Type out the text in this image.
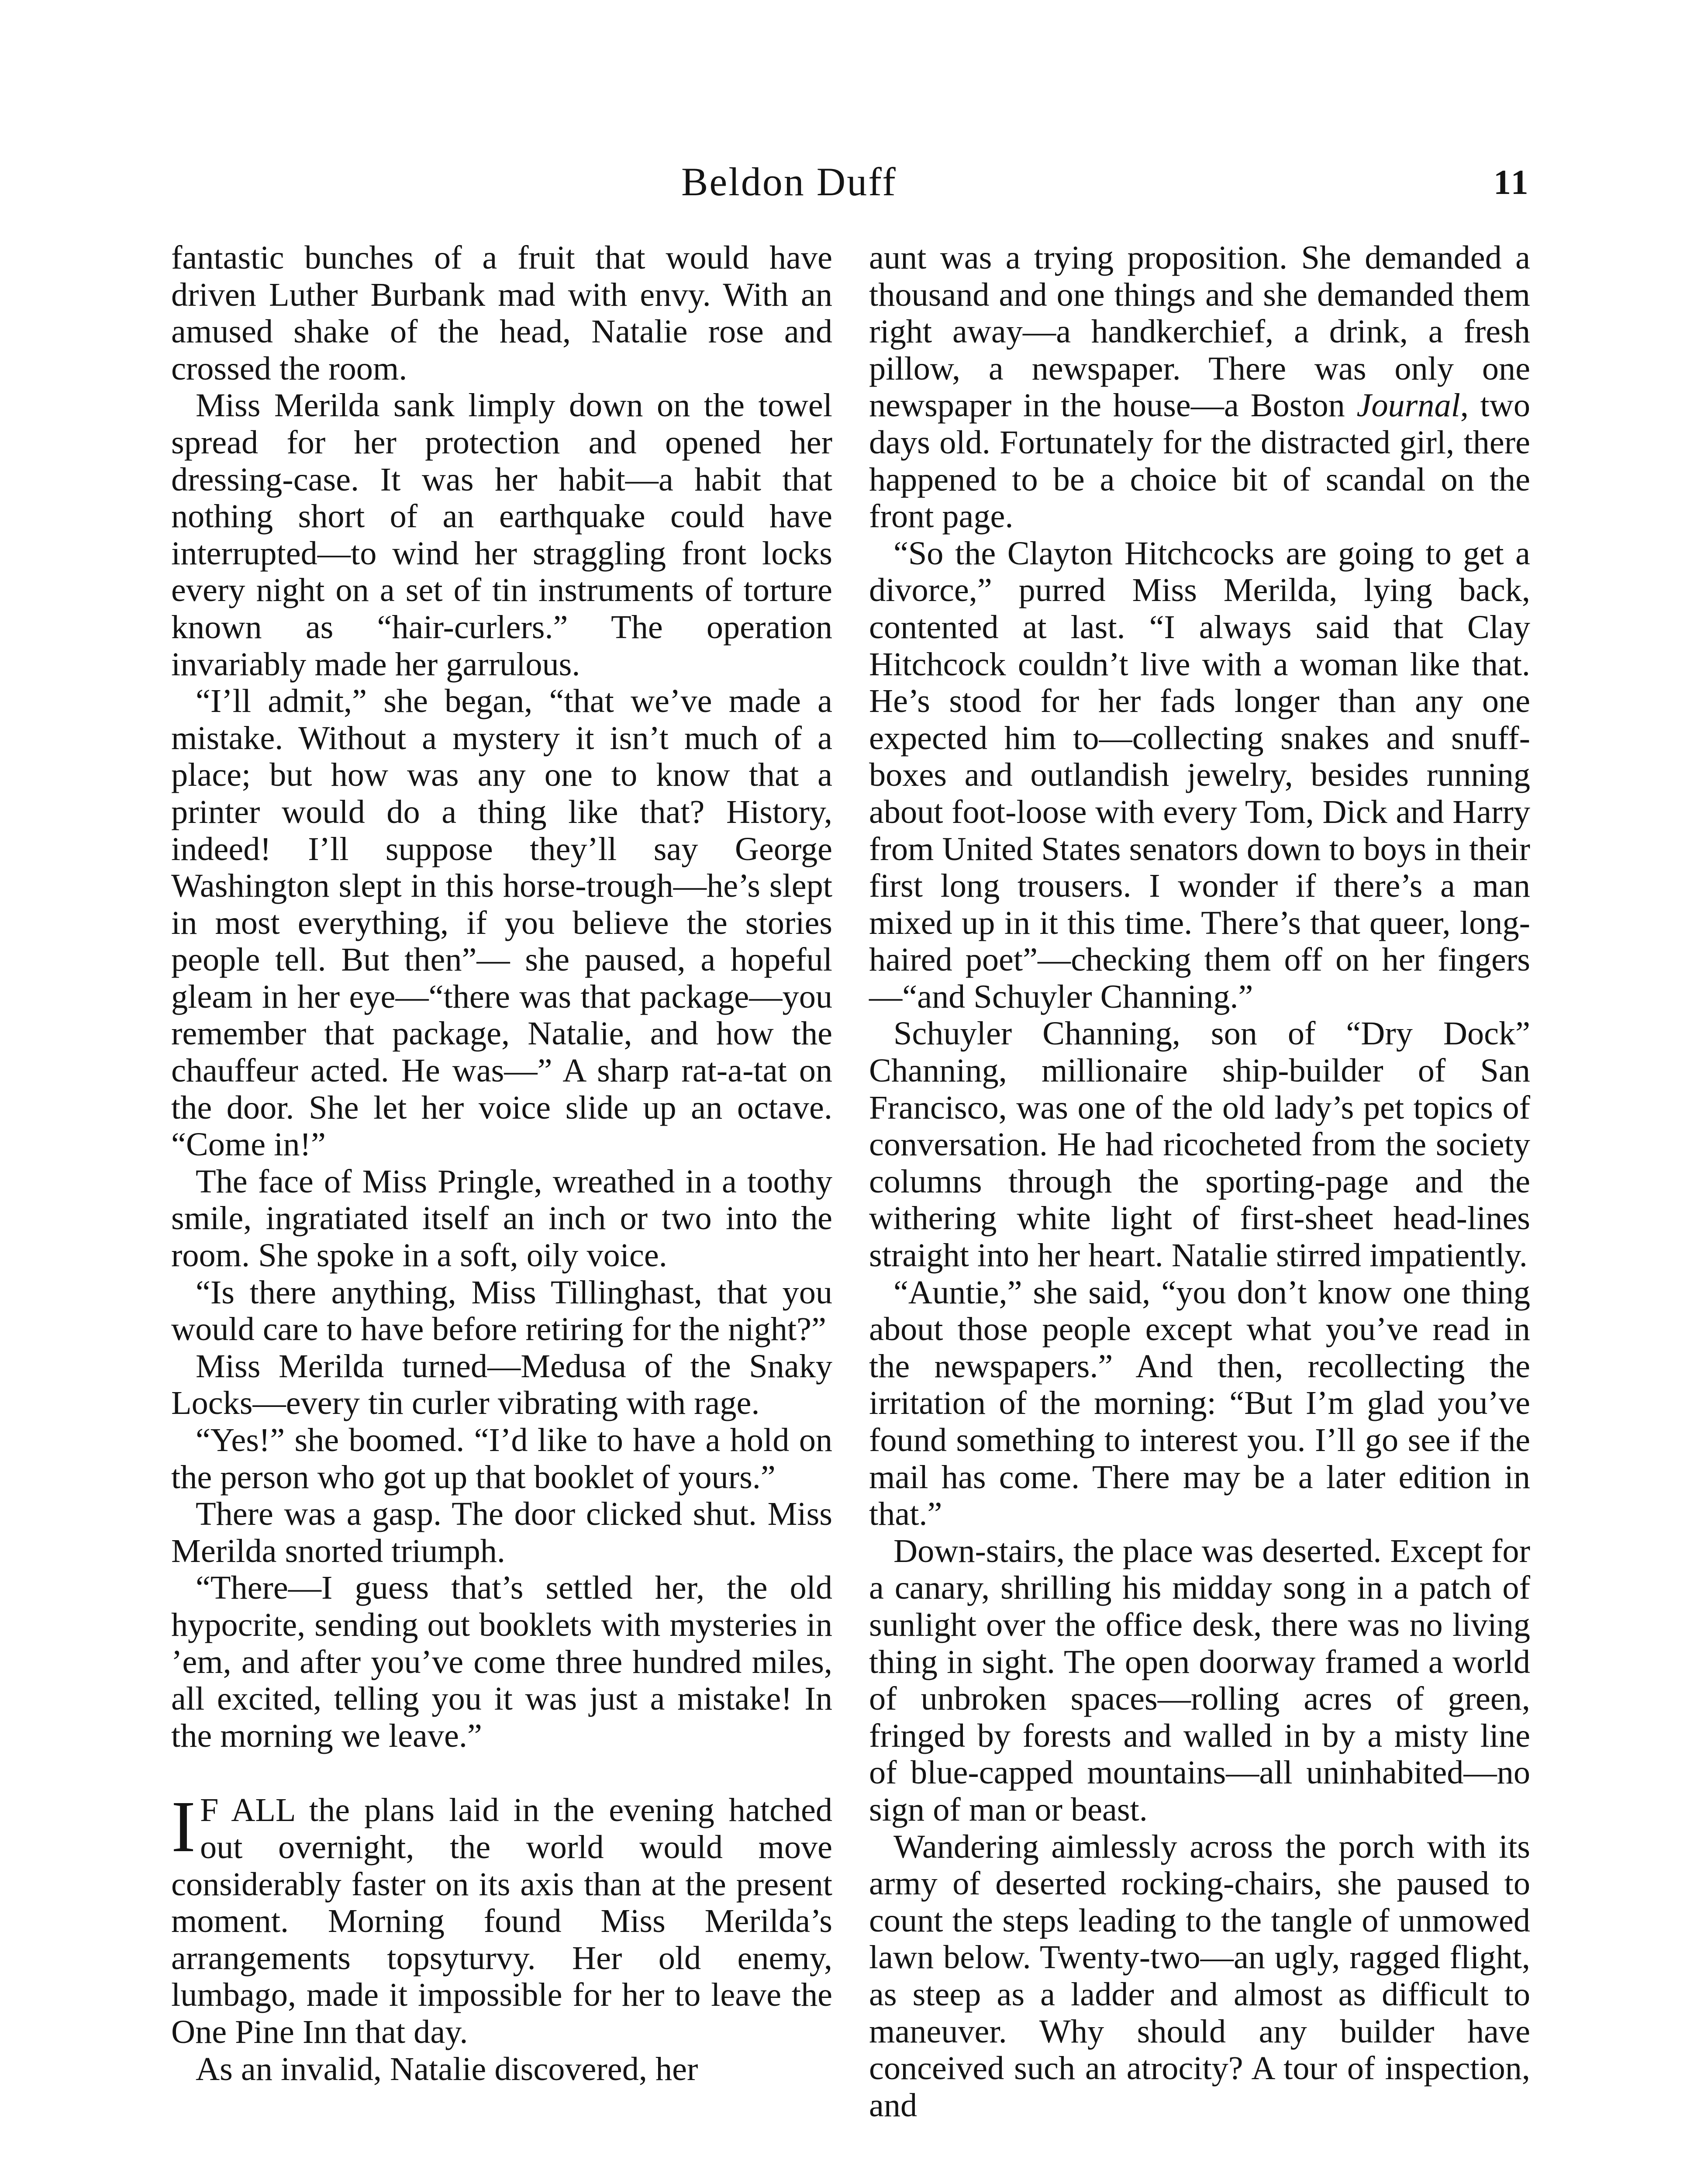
Beldon Duff	11

fantastic bunches of a fruit that would have driven Luther Burbank mad with envy. With an amused shake of the head, Natalie rose and crossed the room.

Miss Merilda sank limply down on the towel spread for her protection and opened her dressing-case. It was her habit—a habit that nothing short of an earthquake could have interrupted—to wind her straggling front locks every night on a set of tin instruments of torture known as “hair-curlers.” The operation invariably made her garrulous.

“I’ll admit,” she began, “that we’ve made a mistake. Without a mystery it isn’t much of a place; but how was any one to know that a printer would do a thing like that? History, indeed! I’ll suppose they’ll say George Washington slept in this horse-trough—he’s slept in most everything, if you believe the stories people tell. But then”— she paused, a hopeful gleam in her eye—“there was that package—you remember that package, Natalie, and how the chauffeur acted. He was—” A sharp rat-a-tat on the door. She let her voice slide up an octave. “Come in!”

The face of Miss Pringle, wreathed in a toothy smile, ingratiated itself an inch or two into the room. She spoke in a soft, oily voice.

“Is there anything, Miss Tillinghast, that you would care to have before retiring for the night?”

Miss Merilda turned—Medusa of the Snaky Locks—every tin curler vibrating with rage.

“Yes!” she boomed. “I’d like to have a hold on the person who got up that booklet of yours.”

There was a gasp. The door clicked shut. Miss Merilda snorted triumph.

“There—I guess that’s settled her, the old hypocrite, sending out booklets with mysteries in ’em, and after you’ve come three hundred miles, all excited, telling you it was just a mistake! In the morning we leave.”

I F ALL the plans laid in the evening hatched out overnight, the world would move considerably faster on its axis than at the present moment. Morning found Miss Merilda’s arrangements topsyturvy. Her old enemy, lumbago, made it impossible for her to leave the One Pine Inn that day.

As an invalid, Natalie discovered, her

aunt was a trying proposition. She demanded a thousand and one things and she demanded them right away—a handkerchief, a drink, a fresh pillow, a newspaper. There was only one newspaper in the house—a Boston Journal, two days old. Fortunately for the distracted girl, there happened to be a choice bit of scandal on the front page.

“So the Clayton Hitchcocks are going to get a divorce,” purred Miss Merilda, lying back, contented at last. “I always said that Clay Hitchcock couldn’t live with a woman like that. He’s stood for her fads longer than any one expected him to—collecting snakes and snuff-boxes and outlandish jewelry, besides running about foot-loose with every Tom, Dick and Harry from United States senators down to boys in their first long trousers. I wonder if there’s a man mixed up in it this time. There’s that queer, long-haired poet”—checking them off on her fingers—“and Schuyler Channing.”

Schuyler Channing, son of “Dry Dock” Channing, millionaire ship-builder of San Francisco, was one of the old lady’s pet topics of conversation. He had ricocheted from the society columns through the sporting-page and the withering white light of first-sheet head-lines straight into her heart. Natalie stirred impatiently.

“Auntie,” she said, “you don’t know one thing about those people except what you’ve read in the newspapers.” And then, recollecting the irritation of the morning: “But I’m glad you’ve found something to interest you. I’ll go see if the mail has come. There may be a later edition in that.”

Down-stairs, the place was deserted. Except for a canary, shrilling his midday song in a patch of sunlight over the office desk, there was no living thing in sight. The open doorway framed a world of unbroken spaces—rolling acres of green, fringed by forests and walled in by a misty line of blue-capped mountains—all uninhabited—no sign of man or beast.

Wandering aimlessly across the porch with its army of deserted rocking-chairs, she paused to count the steps leading to the tangle of unmowed lawn below. Twenty-two—an ugly, ragged flight, as steep as a ladder and almost as difficult to maneuver. Why should any builder have conceived such an atrocity? A tour of inspection, and
